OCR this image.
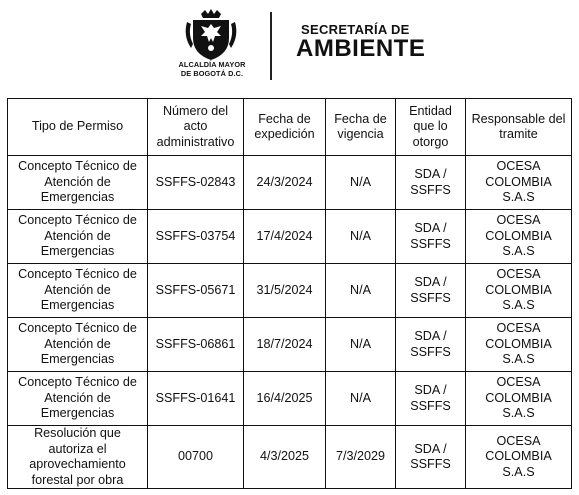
ALCALDÍA MAYOR
DE BOGOTÁ D.C.
SECRETARÍA DE
AMBIENTE
Tipo de Permiso	Número del acto administrativo	Fecha de expedición	Fecha de vigencia	Entidad que lo otorgo	Responsable del tramite
Concepto Técnico de Atención de Emergencias	SSFFS-02843	24/3/2024	N/A	SDA / SSFFS	OCESA COLOMBIA S.A.S
Concepto Técnico de Atención de Emergencias	SSFFS-03754	17/4/2024	N/A	SDA / SSFFS	OCESA COLOMBIA S.A.S
Concepto Técnico de Atención de Emergencias	SSFFS-05671	31/5/2024	N/A	SDA / SSFFS	OCESA COLOMBIA S.A.S
Concepto Técnico de Atención de Emergencias	SSFFS-06861	18/7/2024	N/A	SDA / SSFFS	OCESA COLOMBIA S.A.S
Concepto Técnico de Atención de Emergencias	SSFFS-01641	16/4/2025	N/A	SDA / SSFFS	OCESA COLOMBIA S.A.S
Resolución que autoriza el aprovechamiento forestal por obra	00700	4/3/2025	7/3/2029	SDA / SSFFS	OCESA COLOMBIA S.A.S
